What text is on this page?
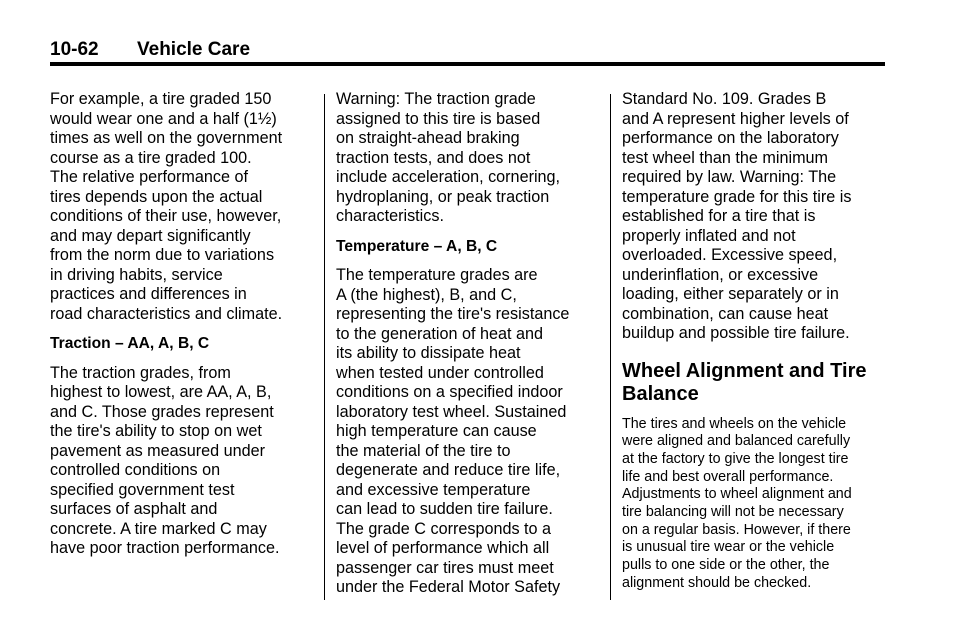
10-62 Vehicle Care

For example, a tire graded 150
would wear one and a half (1½)
times as well on the government
course as a tire graded 100.
The relative performance of
tires depends upon the actual
conditions of their use, however,
and may depart significantly
from the norm due to variations
in driving habits, service
practices and differences in
road characteristics and climate.

Traction – AA, A, B, C

The traction grades, from
highest to lowest, are AA, A, B,
and C. Those grades represent
the tire's ability to stop on wet
pavement as measured under
controlled conditions on
specified government test
surfaces of asphalt and
concrete. A tire marked C may
have poor traction performance.

Warning: The traction grade
assigned to this tire is based
on straight-ahead braking
traction tests, and does not
include acceleration, cornering,
hydroplaning, or peak traction
characteristics.

Temperature – A, B, C

The temperature grades are
A (the highest), B, and C,
representing the tire's resistance
to the generation of heat and
its ability to dissipate heat
when tested under controlled
conditions on a specified indoor
laboratory test wheel. Sustained
high temperature can cause
the material of the tire to
degenerate and reduce tire life,
and excessive temperature
can lead to sudden tire failure.
The grade C corresponds to a
level of performance which all
passenger car tires must meet
under the Federal Motor Safety

Standard No. 109. Grades B
and A represent higher levels of
performance on the laboratory
test wheel than the minimum
required by law. Warning: The
temperature grade for this tire is
established for a tire that is
properly inflated and not
overloaded. Excessive speed,
underinflation, or excessive
loading, either separately or in
combination, can cause heat
buildup and possible tire failure.

Wheel Alignment and Tire
Balance

The tires and wheels on the vehicle
were aligned and balanced carefully
at the factory to give the longest tire
life and best overall performance.
Adjustments to wheel alignment and
tire balancing will not be necessary
on a regular basis. However, if there
is unusual tire wear or the vehicle
pulls to one side or the other, the
alignment should be checked.
